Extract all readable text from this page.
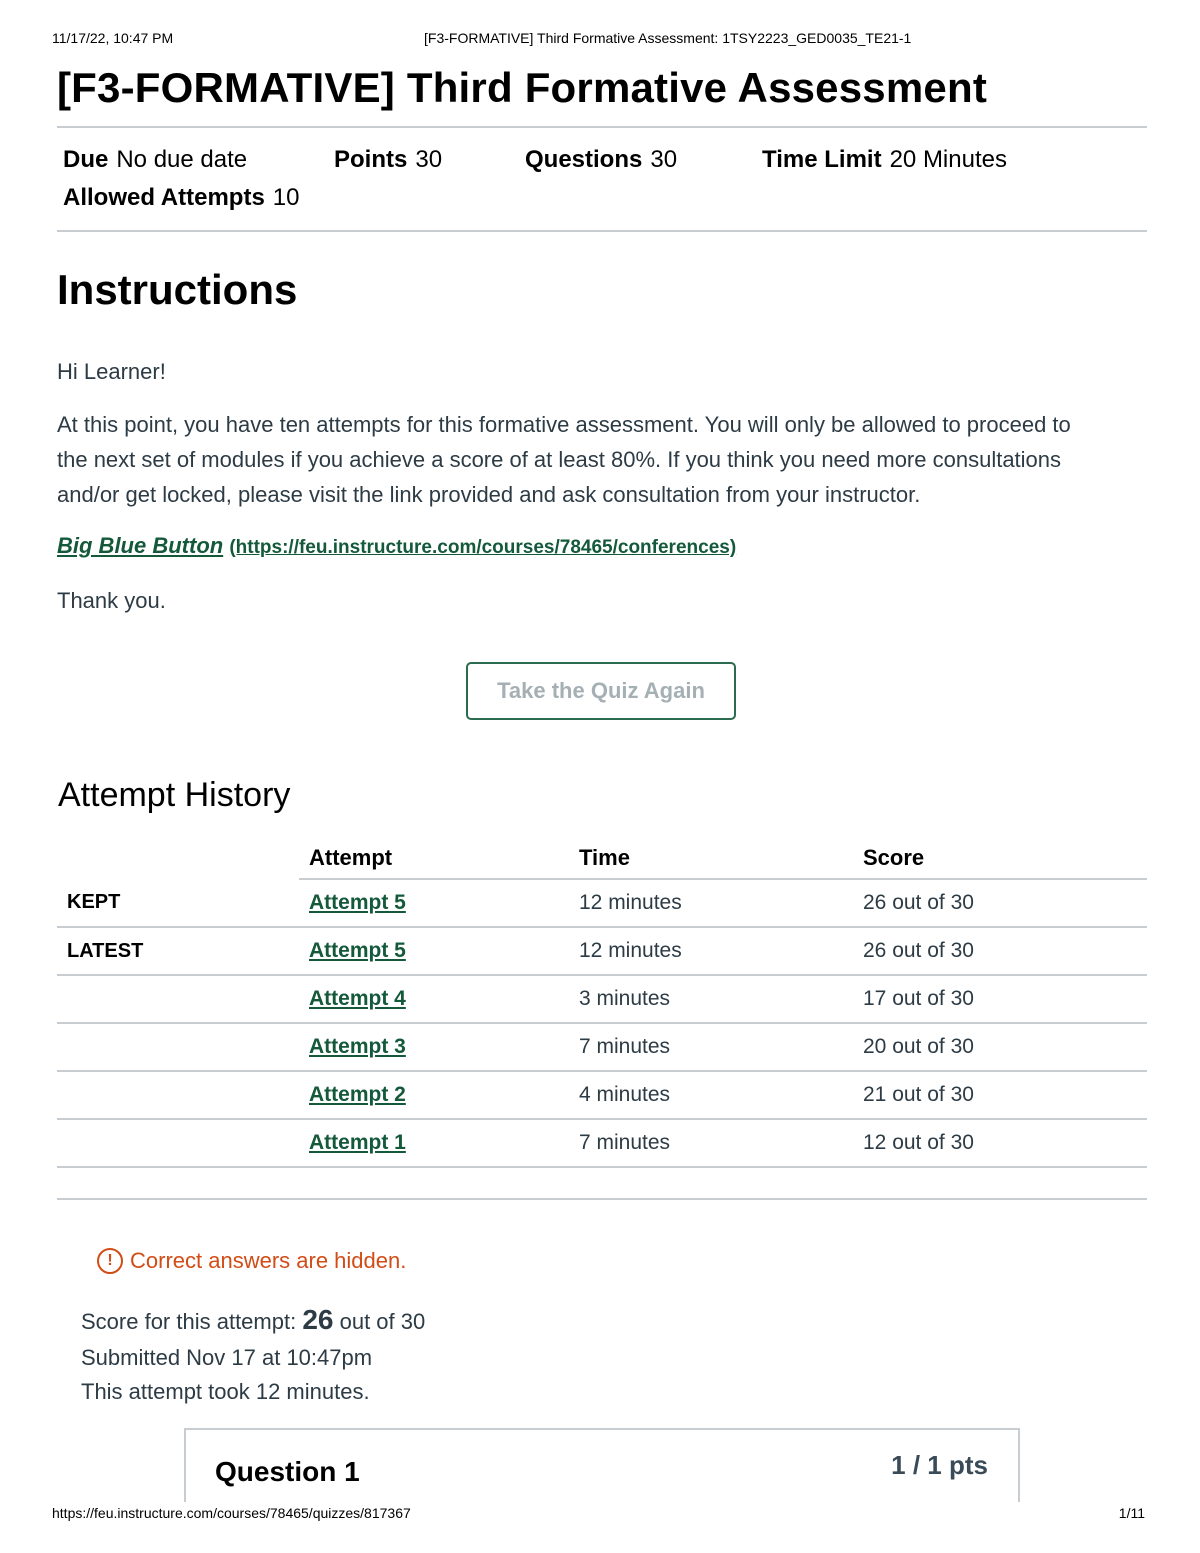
11/17/22, 10:47 PM	[F3-FORMATIVE] Third Formative Assessment: 1TSY2223_GED0035_TE21-1
[F3-FORMATIVE] Third Formative Assessment
Due No due date	Points 30	Questions 30	Time Limit 20 Minutes
Allowed Attempts 10
Instructions

Hi Learner!

At this point, you have ten attempts for this formative assessment. You will only be allowed to proceed to

the next set of modules if you achieve a score of at least 80%. If you think you need more consultations

and/or get locked, please visit the link provided and ask consultation from your instructor.

Big Blue Button (https://feu.instructure.com/courses/78465/conferences)

Thank you.

Take the Quiz Again
Attempt History
	Attempt	Time	Score
KEPT	Attempt 5	12 minutes	26 out of 30
LATEST	Attempt 5	12 minutes	26 out of 30
	Attempt 4	3 minutes	17 out of 30
	Attempt 3	7 minutes	20 out of 30
	Attempt 2	4 minutes	21 out of 30
	Attempt 1	7 minutes	12 out of 30

! Correct answers are hidden.
Score for this attempt: 26 out of 30
Submitted Nov 17 at 10:47pm
This attempt took 12 minutes.
Question 1	1 / 1 pts
https://feu.instructure.com/courses/78465/quizzes/817367	1/11
